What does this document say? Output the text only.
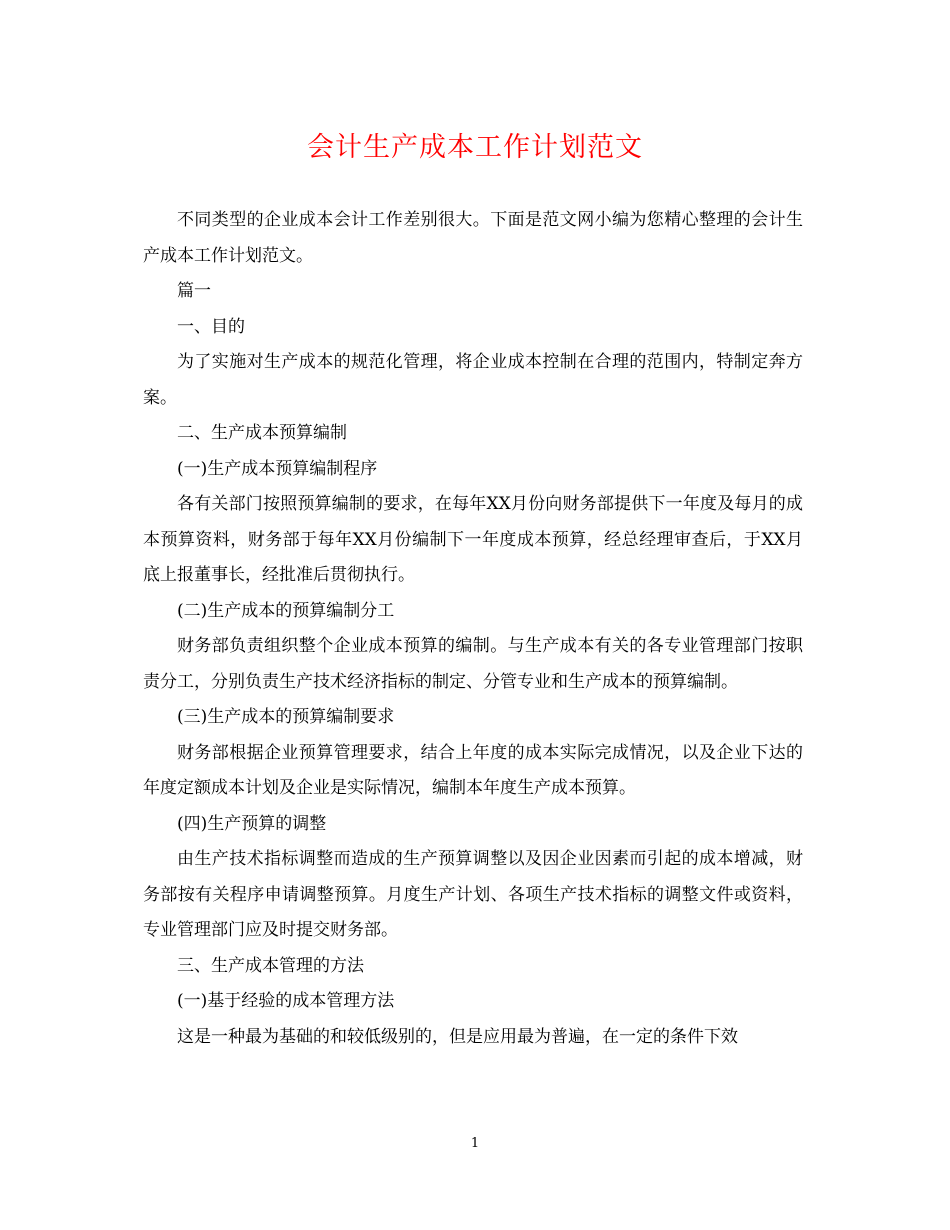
会计生产成本工作计划范文

不同类型的企业成本会计工作差别很大。下面是范文网小编为您精心整理的会计生产成本工作计划范文。

篇一

一、目的

为了实施对生产成本的规范化管理，将企业成本控制在合理的范围内，特制定奔方案。

二、生产成本预算编制

(一)生产成本预算编制程序

各有关部门按照预算编制的要求，在每年XX月份向财务部提供下一年度及每月的成本预算资料，财务部于每年XX月份编制下一年度成本预算，经总经理审查后，于XX月底上报董事长，经批准后贯彻执行。

(二)生产成本的预算编制分工

财务部负责组织整个企业成本预算的编制。与生产成本有关的各专业管理部门按职责分工，分别负责生产技术经济指标的制定、分管专业和生产成本的预算编制。

(三)生产成本的预算编制要求

财务部根据企业预算管理要求，结合上年度的成本实际完成情况，以及企业下达的年度定额成本计划及企业是实际情况，编制本年度生产成本预算。

(四)生产预算的调整

由生产技术指标调整而造成的生产预算调整以及因企业因素而引起的成本增减，财务部按有关程序申请调整预算。月度生产计划、各项生产技术指标的调整文件或资料，专业管理部门应及时提交财务部。

三、生产成本管理的方法

(一)基于经验的成本管理方法

这是一种最为基础的和较低级别的，但是应用最为普遍，在一定的条件下效

1
